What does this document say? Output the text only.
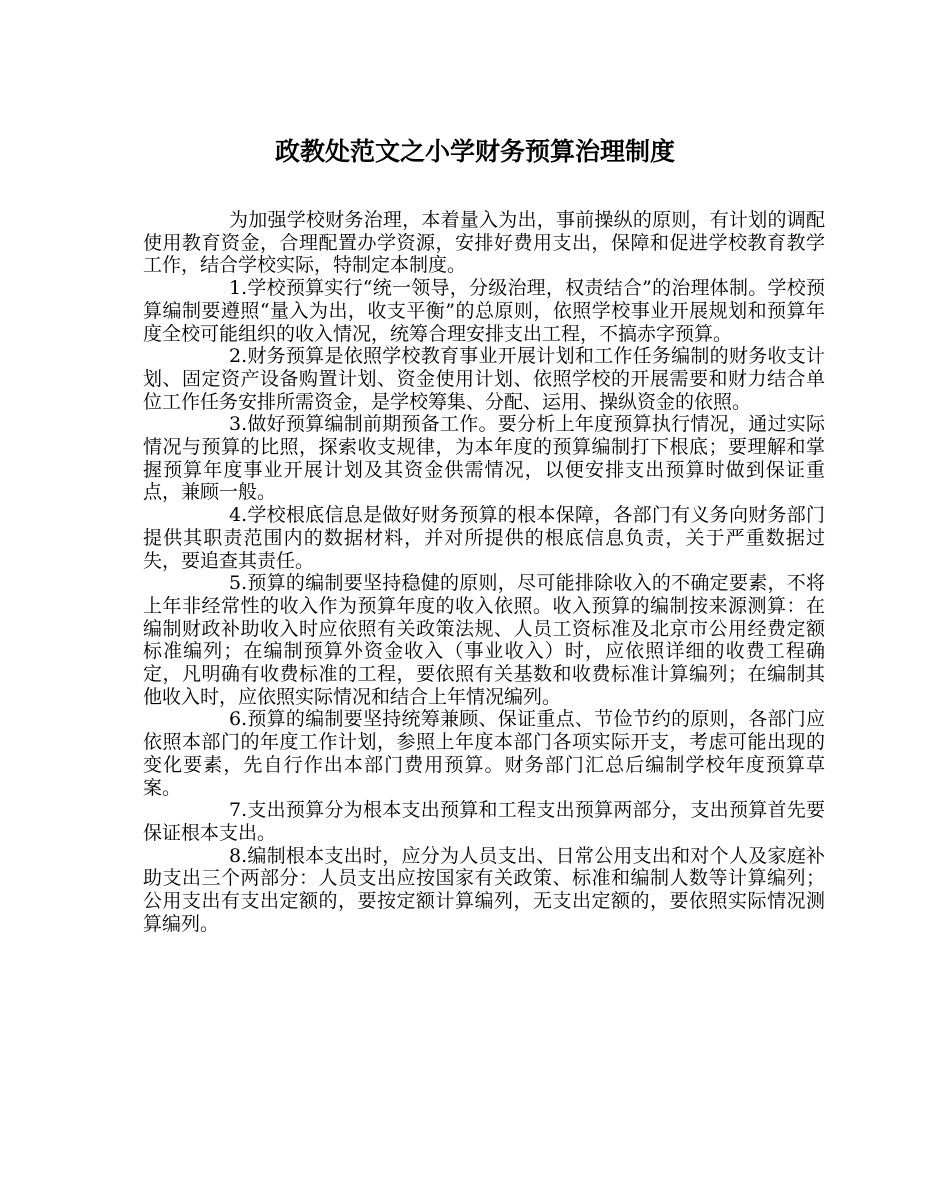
政教处范文之小学财务预算治理制度

为加强学校财务治理，本着量入为出，事前操纵的原则，有计划的调配使用教育资金，合理配置办学资源，安排好费用支出，保障和促进学校教育教学工作，结合学校实际，特制定本制度。

1.学校预算实行“统一领导，分级治理，权责结合”的治理体制。学校预算编制要遵照“量入为出，收支平衡”的总原则，依照学校事业开展规划和预算年度全校可能组织的收入情况，统筹合理安排支出工程，不搞赤字预算。

2.财务预算是依照学校教育事业开展计划和工作任务编制的财务收支计划、固定资产设备购置计划、资金使用计划、依照学校的开展需要和财力结合单位工作任务安排所需资金，是学校筹集、分配、运用、操纵资金的依照。

3.做好预算编制前期预备工作。要分析上年度预算执行情况，通过实际情况与预算的比照，探索收支规律，为本年度的预算编制打下根底；要理解和掌握预算年度事业开展计划及其资金供需情况，以便安排支出预算时做到保证重点，兼顾一般。

4.学校根底信息是做好财务预算的根本保障，各部门有义务向财务部门提供其职责范围内的数据材料，并对所提供的根底信息负责，关于严重数据过失，要追查其责任。

5.预算的编制要坚持稳健的原则，尽可能排除收入的不确定要素，不将上年非经常性的收入作为预算年度的收入依照。收入预算的编制按来源测算：在编制财政补助收入时应依照有关政策法规、人员工资标准及北京市公用经费定额标准编列；在编制预算外资金收入（事业收入）时，应依照详细的收费工程确定，凡明确有收费标准的工程，要依照有关基数和收费标准计算编列；在编制其他收入时，应依照实际情况和结合上年情况编列。

6.预算的编制要坚持统筹兼顾、保证重点、节俭节约的原则，各部门应依照本部门的年度工作计划，参照上年度本部门各项实际开支，考虑可能出现的变化要素，先自行作出本部门费用预算。财务部门汇总后编制学校年度预算草案。

7.支出预算分为根本支出预算和工程支出预算两部分，支出预算首先要保证根本支出。

8.编制根本支出时，应分为人员支出、日常公用支出和对个人及家庭补助支出三个两部分：人员支出应按国家有关政策、标准和编制人数等计算编列；公用支出有支出定额的，要按定额计算编列，无支出定额的，要依照实际情况测算编列。
